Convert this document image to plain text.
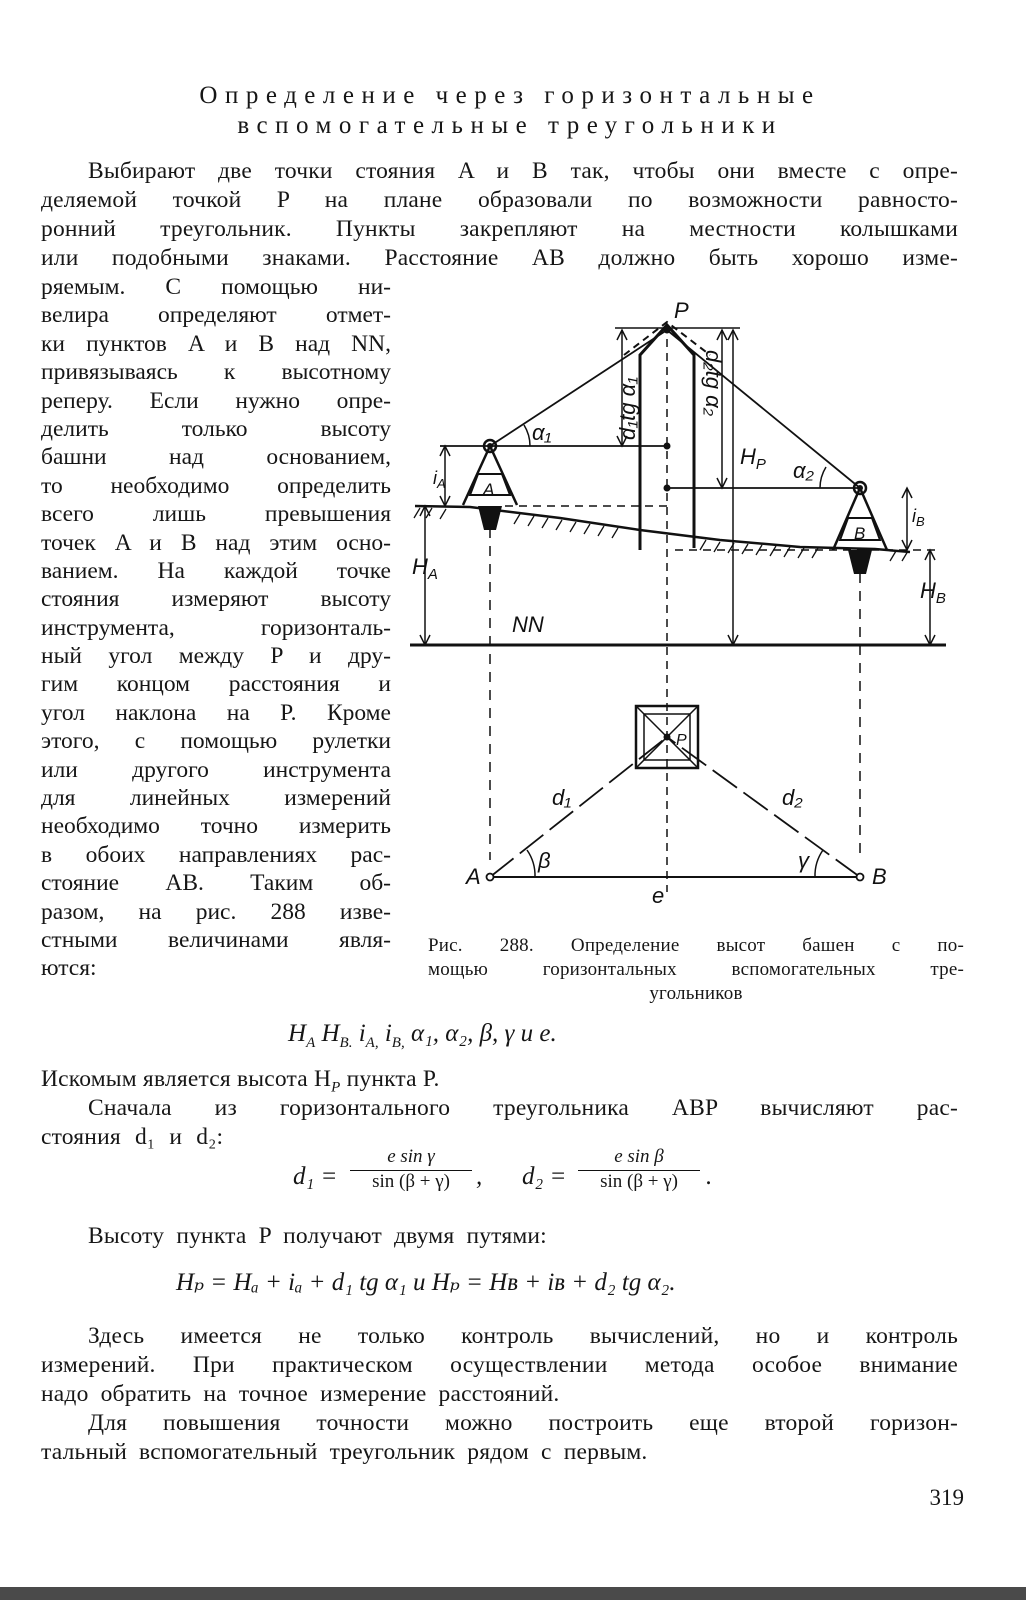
Определение через горизонтальные
вспомогательные треугольники
Выбирают две точки стояния A и B так, чтобы они вместе с опре-
деляемой точкой P на плане образовали по возможности равносто-
ронний треугольник. Пункты закрепляют на местности колышками
или подобными знаками. Расстояние AB должно быть хорошо изме-
ряемым. С помощью ни-
велира определяют отмет-
ки пунктов A и B над NN,
привязываясь к высотному
реперу. Если нужно опре-
делить только высоту
башни над основанием,
то необходимо определить
всего лишь превышения
точек A и B над этим осно-
ванием. На каждой точке
стояния измеряют высоту
инструмента, горизонталь-
ный угол между P и дру-
гим концом расстояния и
угол наклона на P. Кроме
этого, с помощью рулетки
или другого инструмента
для линейных измерений
необходимо точно измерить
в обоих направлениях рас-
стояние AB. Таким об-
разом, на рис. 288 изве-
стными величинами явля-
ются:
P
d₁tg α₁	d₂tg α₂
α₁
α₂
$H_P$
$i_A$ A
$i_B$
B
$H_A$
$H_B$
NN
P
d₁	d₂
β	γ
A	B
e
Рис. 288. Определение высот башен с по-
мощью горизонтальных вспомогательных тре-
угольников
$H_A$ $H_{B.}$ $i_{A,}$ $i_{B,}$ α₁, α₂, β, γ и e.
Искомым является высота $H_P$ пункта P.
Сначала из горизонтального треугольника ABP вычисляют рас-
стояния d₁ и d₂:
$d_1 = \frac{\text{e sin γ}}{\sin (\beta + \gamma)}$ , $d_2 = \frac{\text{e sin β}}{\sin (\beta + \gamma)}$ .
Высоту пункта P получают двумя путями:
Hₚ = Hₐ + iₐ + d₁ tg α₁ и Hₚ = Hʙ + iʙ + d₂ tg α₂.
Здесь имеется не только контроль вычислений, но и контроль
измерений. При практическом осуществлении метода особое внимание
надо обратить на точное измерение расстояний.
Для повышения точности можно построить еще второй горизон-
тальный вспомогательный треугольник рядом с первым.
319
